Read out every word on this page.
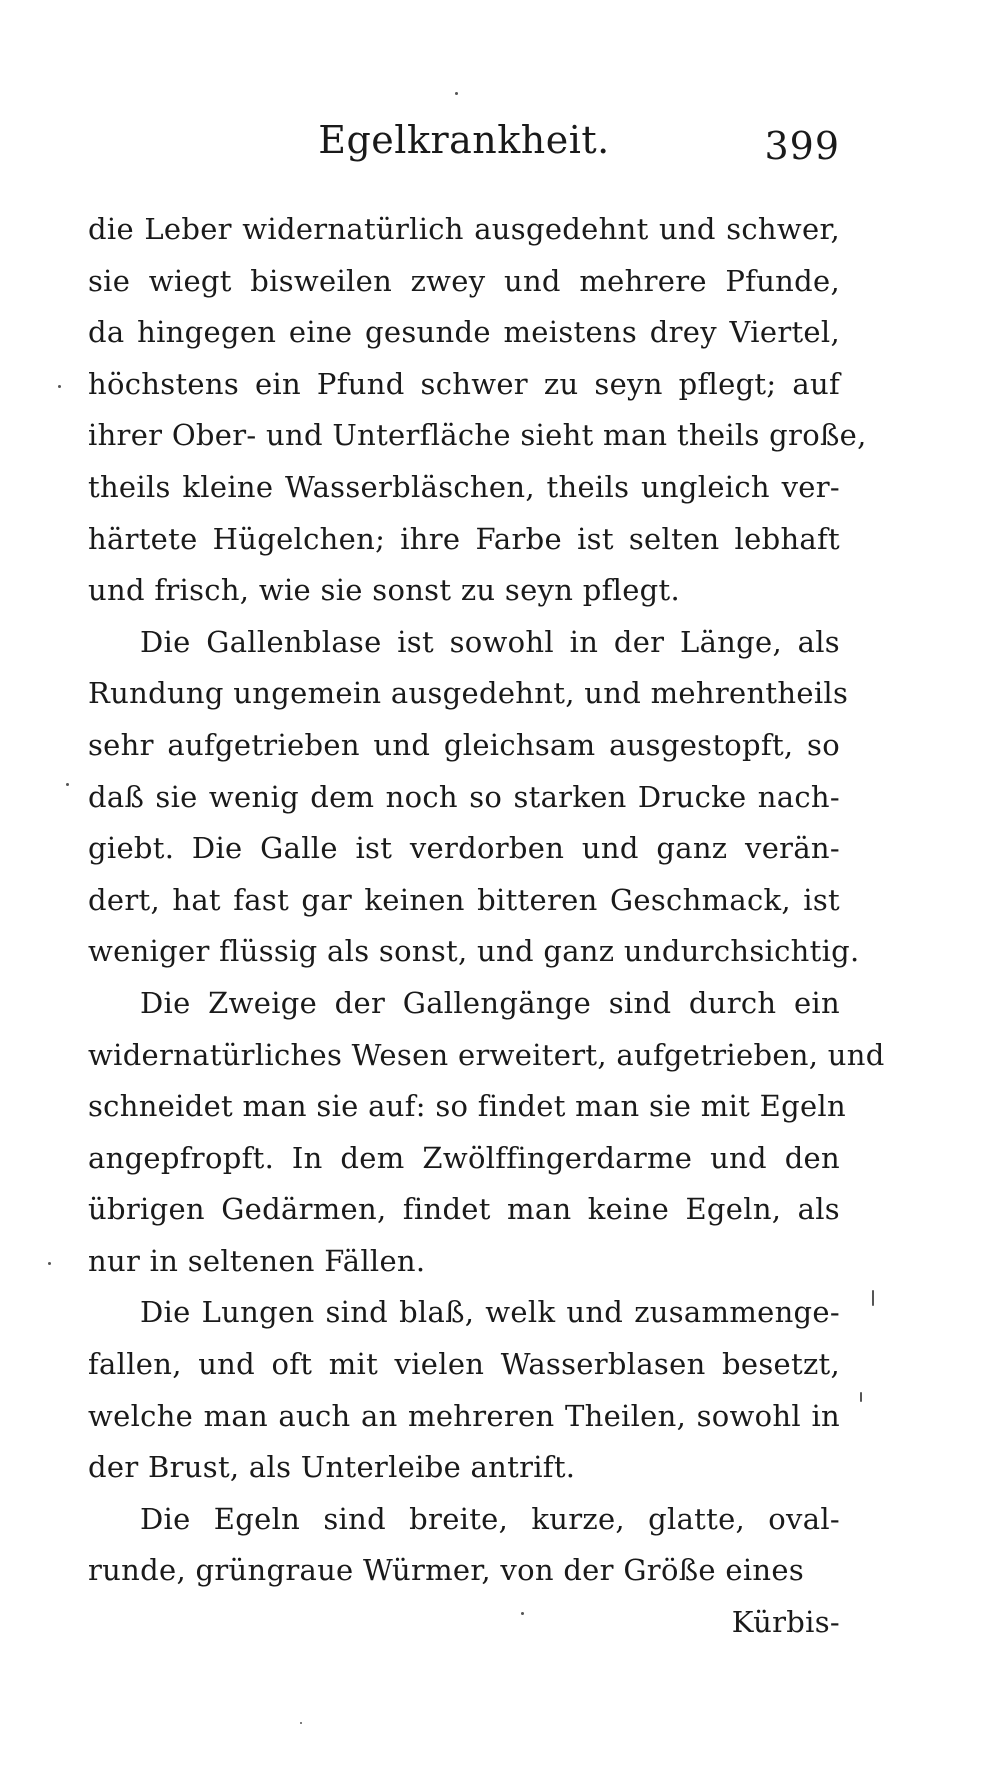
Egelkrankheit.	399
die Leber widernatürlich ausgedehnt und schwer,
sie wiegt bisweilen zwey und mehrere Pfunde,
da hingegen eine gesunde meistens drey Viertel,
höchstens ein Pfund schwer zu seyn pflegt; auf
ihrer Ober- und Unterfläche sieht man theils große,
theils kleine Wasserbläschen, theils ungleich ver-
härtete Hügelchen; ihre Farbe ist selten lebhaft
und frisch, wie sie sonst zu seyn pflegt.
Die Gallenblase ist sowohl in der Länge, als
Rundung ungemein ausgedehnt, und mehrentheils
sehr aufgetrieben und gleichsam ausgestopft, so
daß sie wenig dem noch so starken Drucke nach-
giebt. Die Galle ist verdorben und ganz verän-
dert, hat fast gar keinen bitteren Geschmack, ist
weniger flüssig als sonst, und ganz undurchsichtig.
Die Zweige der Gallengänge sind durch ein
widernatürliches Wesen erweitert, aufgetrieben, und
schneidet man sie auf: so findet man sie mit Egeln
angepfropft. In dem Zwölffingerdarme und den
übrigen Gedärmen, findet man keine Egeln, als
nur in seltenen Fällen.
Die Lungen sind blaß, welk und zusammenge-
fallen, und oft mit vielen Wasserblasen besetzt,
welche man auch an mehreren Theilen, sowohl in
der Brust, als Unterleibe antrift.
Die Egeln sind breite, kurze, glatte, oval-
runde, grüngraue Würmer, von der Größe eines
Kürbis-
